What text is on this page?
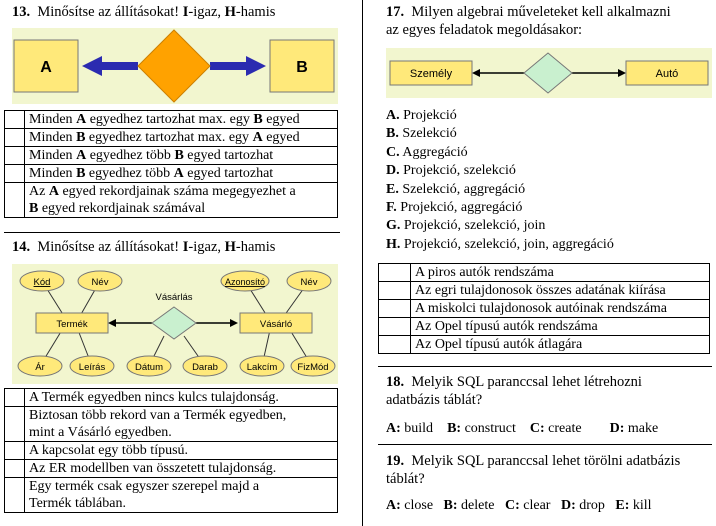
13. Minősítse az állításokat! I-igaz, H-hamis
A	B
	Minden A egyedhez tartozhat max. egy B egyed
	Minden B egyedhez tartozhat max. egy A egyed
	Minden A egyedhez több B egyed tartozhat
	Minden B egyedhez több A egyed tartozhat
	Az A egyed rekordjainak száma megegyezhet a
B egyed rekordjainak számával
14. Minősítse az állításokat! I-igaz, H-hamis
Termék	Vásárló
Vásárlás
Kód	Név
Ár	Leírás	Dátum	Darab
Azonosító	Név
Lakcím FizMód
	A Termék egyedben nincs kulcs tulajdonság.
	Biztosan több rekord van a Termék egyedben,
mint a Vásárló egyedben.
	A kapcsolat egy több típusú.
	Az ER modellben van összetett tulajdonság.
	Egy termék csak egyszer szerepel majd a
Termék táblában.
17. Milyen algebrai műveleteket kell alkalmazni
az egyes feladatok megoldásakor:
Személy	Autó
A. Projekció
B. Szelekció
C. Aggregáció
D. Projekció, szelekció
E. Szelekció, aggregáció
F. Projekció, aggregáció
G. Projekció, szelekció, join
H. Projekció, szelekció, join, aggregáció
	A piros autók rendszáma
	Az egri tulajdonosok összes adatának kiírása
	A miskolci tulajdonosok autóinak rendszáma
	Az Opel típusú autók rendszáma
	Az Opel típusú autók átlagára
18. Melyik SQL paranccsal lehet létrehozni
adatbázis táblát?
A: build B: construct C: create D: make
19. Melyik SQL paranccsal lehet törölni adatbázis
táblát?
A: close B: delete C: clear D: drop E: kill
